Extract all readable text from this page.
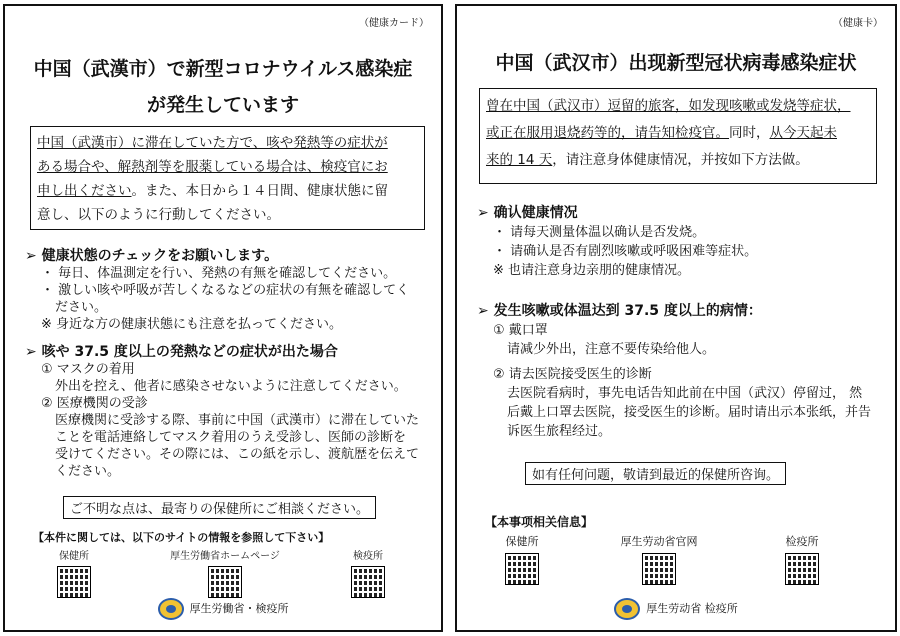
（健康カード）
中国（武漢市）で新型コロナウイルス感染症
が発生しています
中国（武漢市）に滞在していた方で、咳や発熱等の症状が
ある場合や、解熱剤等を服薬している場合は、検疫官にお
申し出ください。また、本日から１４日間、健康状態に留
意し、以下のように行動してください。
➢ 健康状態のチェックをお願いします。
・ 毎日、体温測定を行い、発熱の有無を確認してください。
・ 激しい咳や呼吸が苦しくなるなどの症状の有無を確認してく
ださい。
※ 身近な方の健康状態にも注意を払ってください。
➢ 咳や 37.5 度以上の発熱などの症状が出た場合
① マスクの着用
外出を控え、他者に感染させないように注意してください。
② 医療機関の受診
医療機関に受診する際、事前に中国（武漢市）に滞在していた
ことを電話連絡してマスク着用のうえ受診し、医師の診断を
受けてください。その際には、この紙を示し、渡航歴を伝えて
ください。
ご不明な点は、最寄りの保健所にご相談ください。
【本件に関しては、以下のサイトの情報を参照して下さい】
保健所	厚生労働省ホームページ	検疫所
厚生労働省・検疫所
（健康卡）
中国（武汉市）出现新型冠状病毒感染症状
曾在中国（武汉市）逗留的旅客，如发现咳嗽或发烧等症状，
或正在服用退烧药等的，请告知检疫官。同时，从今天起未
来的 14 天，请注意身体健康情况，并按如下方法做。
➢ 确认健康情况
・ 请每天测量体温以确认是否发烧。
・ 请确认是否有剧烈咳嗽或呼吸困难等症状。
※ 也请注意身边亲朋的健康情况。
➢ 发生咳嗽或体温达到 37.5 度以上的病情：
① 戴口罩
请减少外出，注意不要传染给他人。
② 请去医院接受医生的诊断
去医院看病时，事先电话告知此前在中国（武汉）停留过， 然
后戴上口罩去医院，接受医生的诊断。届时请出示本张纸，并告
诉医生旅程经过。
如有任何问题，敬请到最近的保健所咨询。
【本事项相关信息】
保健所	厚生劳动省官网	检疫所
厚生劳动省 检疫所
